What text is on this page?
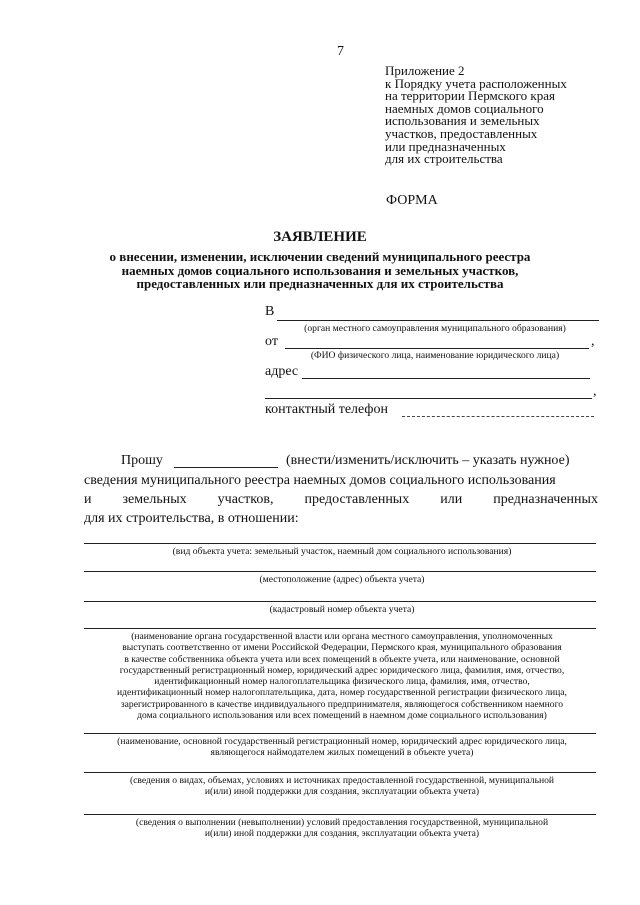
7
Приложение 2
к Порядку учета расположенных
на территории Пермского края
наемных домов социального
использования и земельных
участков, предоставленных
или предназначенных
для их строительства
ФОРМА
ЗАЯВЛЕНИЕ
о внесении, изменении, исключении сведений муниципального реестра
наемных домов социального использования и земельных участков,
предоставленных или предназначенных для их строительства
В
(орган местного самоуправления муниципального образования)
от	,
(ФИО физического лица, наименование юридического лица)
адрес
,
контактный телефон
Прошу	(внести/изменить/исключить – указать нужное)
сведения муниципального реестра наемных домов социального использования
и земельных участков, предоставленных или предназначенных
для их строительства, в отношении:
(вид объекта учета: земельный участок, наемный дом социального использования)
(местоположение (адрес) объекта учета)
(кадастровый номер объекта учета)
(наименование органа государственной власти или органа местного самоуправления, уполномоченных
выступать соответственно от имени Российской Федерации, Пермского края, муниципального образования
в качестве собственника объекта учета или всех помещений в объекте учета, или наименование, основной
государственный регистрационный номер, юридический адрес юридического лица, фамилия, имя, отчество,
идентификационный номер налогоплательщика физического лица, фамилия, имя, отчество,
идентификационный номер налогоплательщика, дата, номер государственной регистрации физического лица,
зарегистрированного в качестве индивидуального предпринимателя, являющегося собственником наемного
дома социального использования или всех помещений в наемном доме социального использования)
(наименование, основной государственный регистрационный номер, юридический адрес юридического лица,
являющегося наймодателем жилых помещений в объекте учета)
(сведения о видах, объемах, условиях и источниках предоставленной государственной, муниципальной
и(или) иной поддержки для создания, эксплуатации объекта учета)
(сведения о выполнении (невыполнении) условий предоставления государственной, муниципальной
и(или) иной поддержки для создания, эксплуатации объекта учета)
